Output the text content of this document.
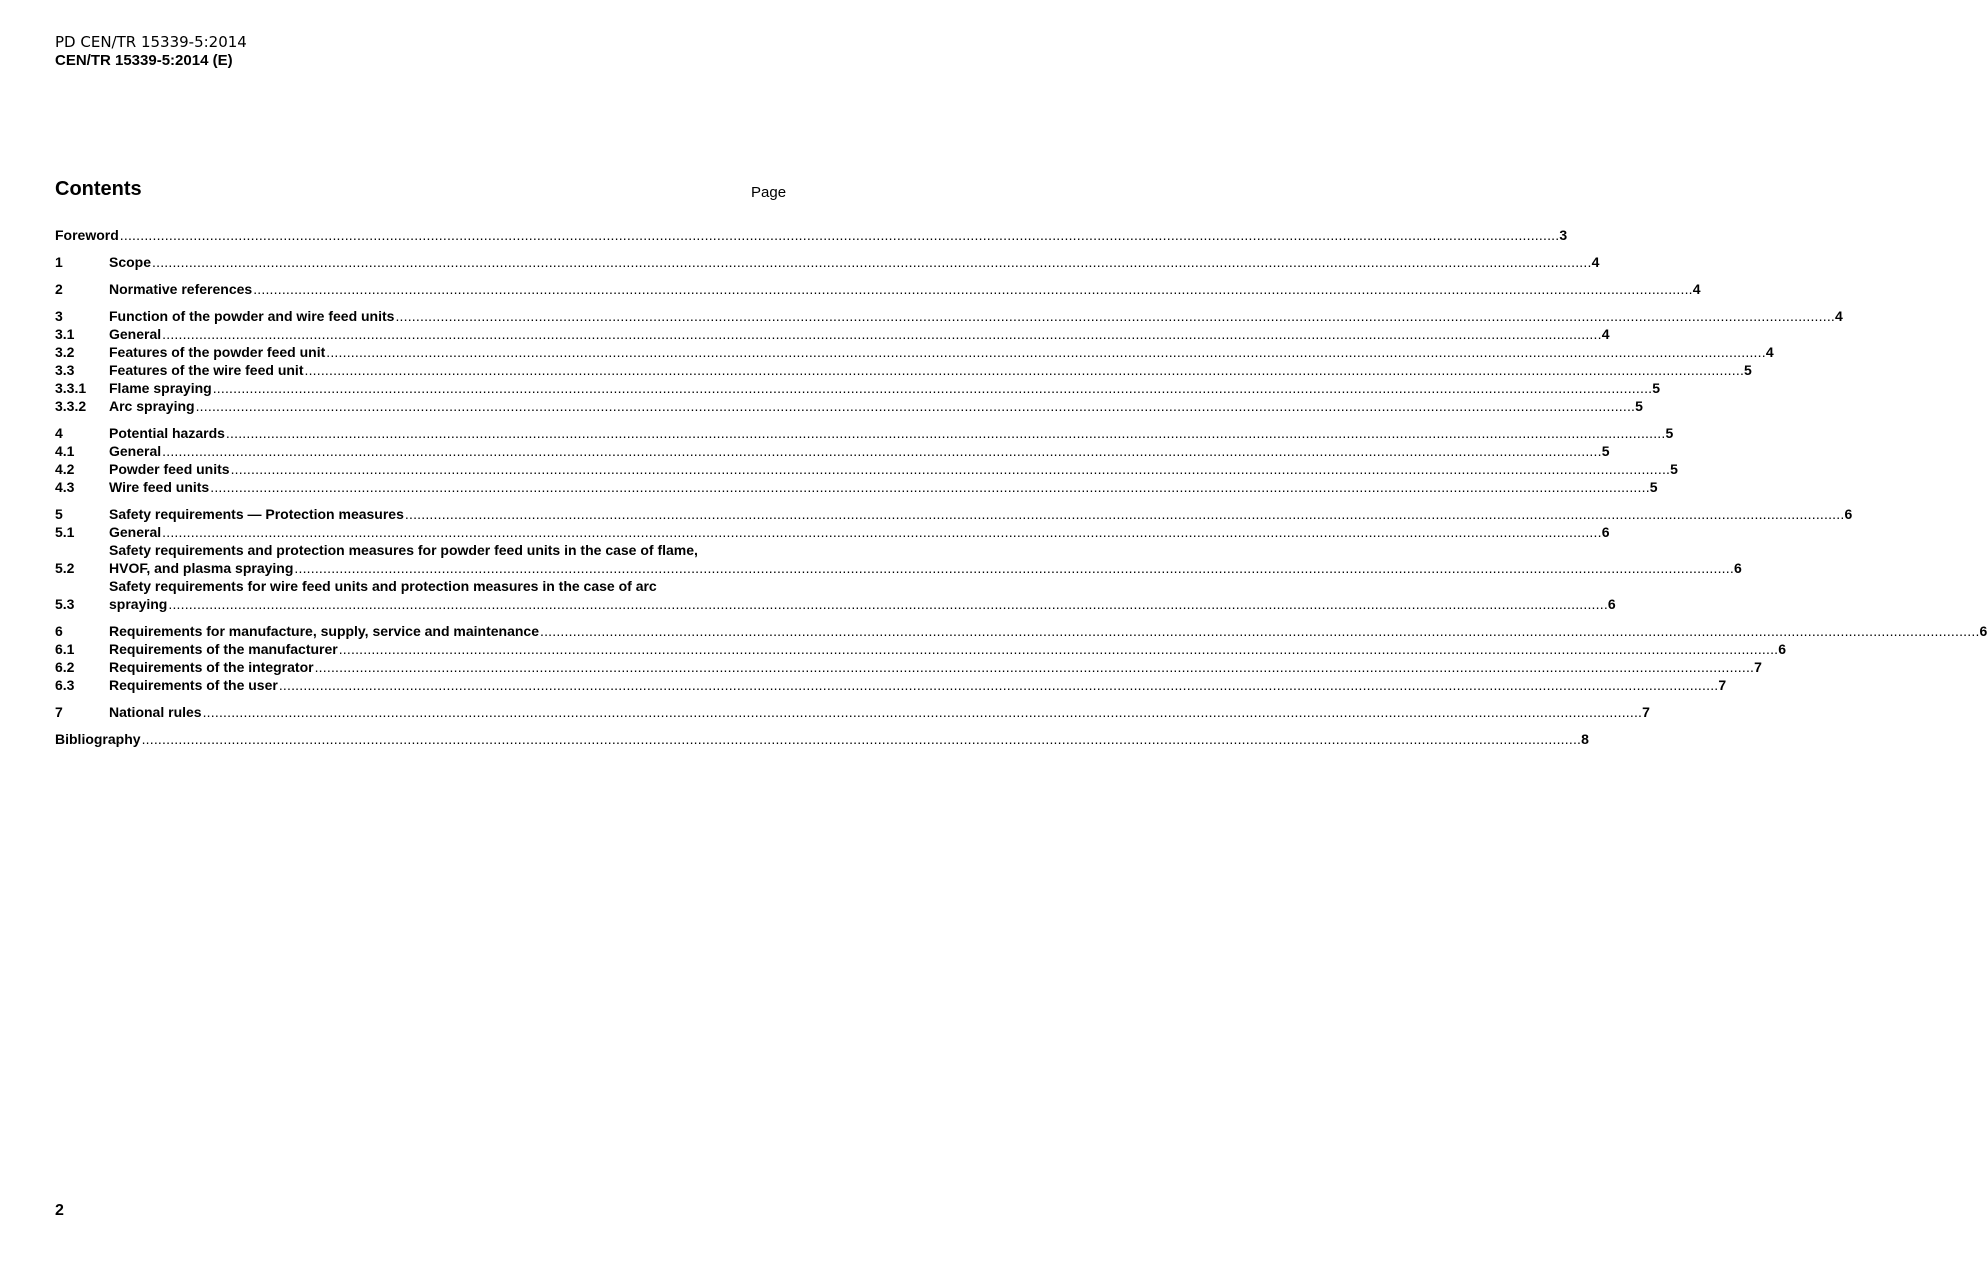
PD CEN/TR 15339-5:2014
CEN/TR 15339-5:2014 (E)
Contents	Page
Foreword .....	3
1	Scope .....	4
2	Normative references .....	4
3	Function of the powder and wire feed units .....	4
3.1	General .....	4
3.2	Features of the powder feed unit .....	4
3.3	Features of the wire feed unit .....	5
3.3.1	Flame spraying .....	5
3.3.2	Arc spraying .....	5
4	Potential hazards .....	5
4.1	General .....	5
4.2	Powder feed units .....	5
4.3	Wire feed units .....	5
5	Safety requirements — Protection measures .....	6
5.1	General .....	6
5.2
Safety requirements and protection measures for powder feed units in the case of flame,
HVOF, and plasma spraying .....	6
5.3
Safety requirements for wire feed units and protection measures in the case of arc
spraying .....	6
6	Requirements for manufacture, supply, service and maintenance .....	6
6.1	Requirements of the manufacturer .....	6
6.2	Requirements of the integrator .....	7
6.3	Requirements of the user .....	7
7	National rules .....	7
Bibliography .....	8
2
